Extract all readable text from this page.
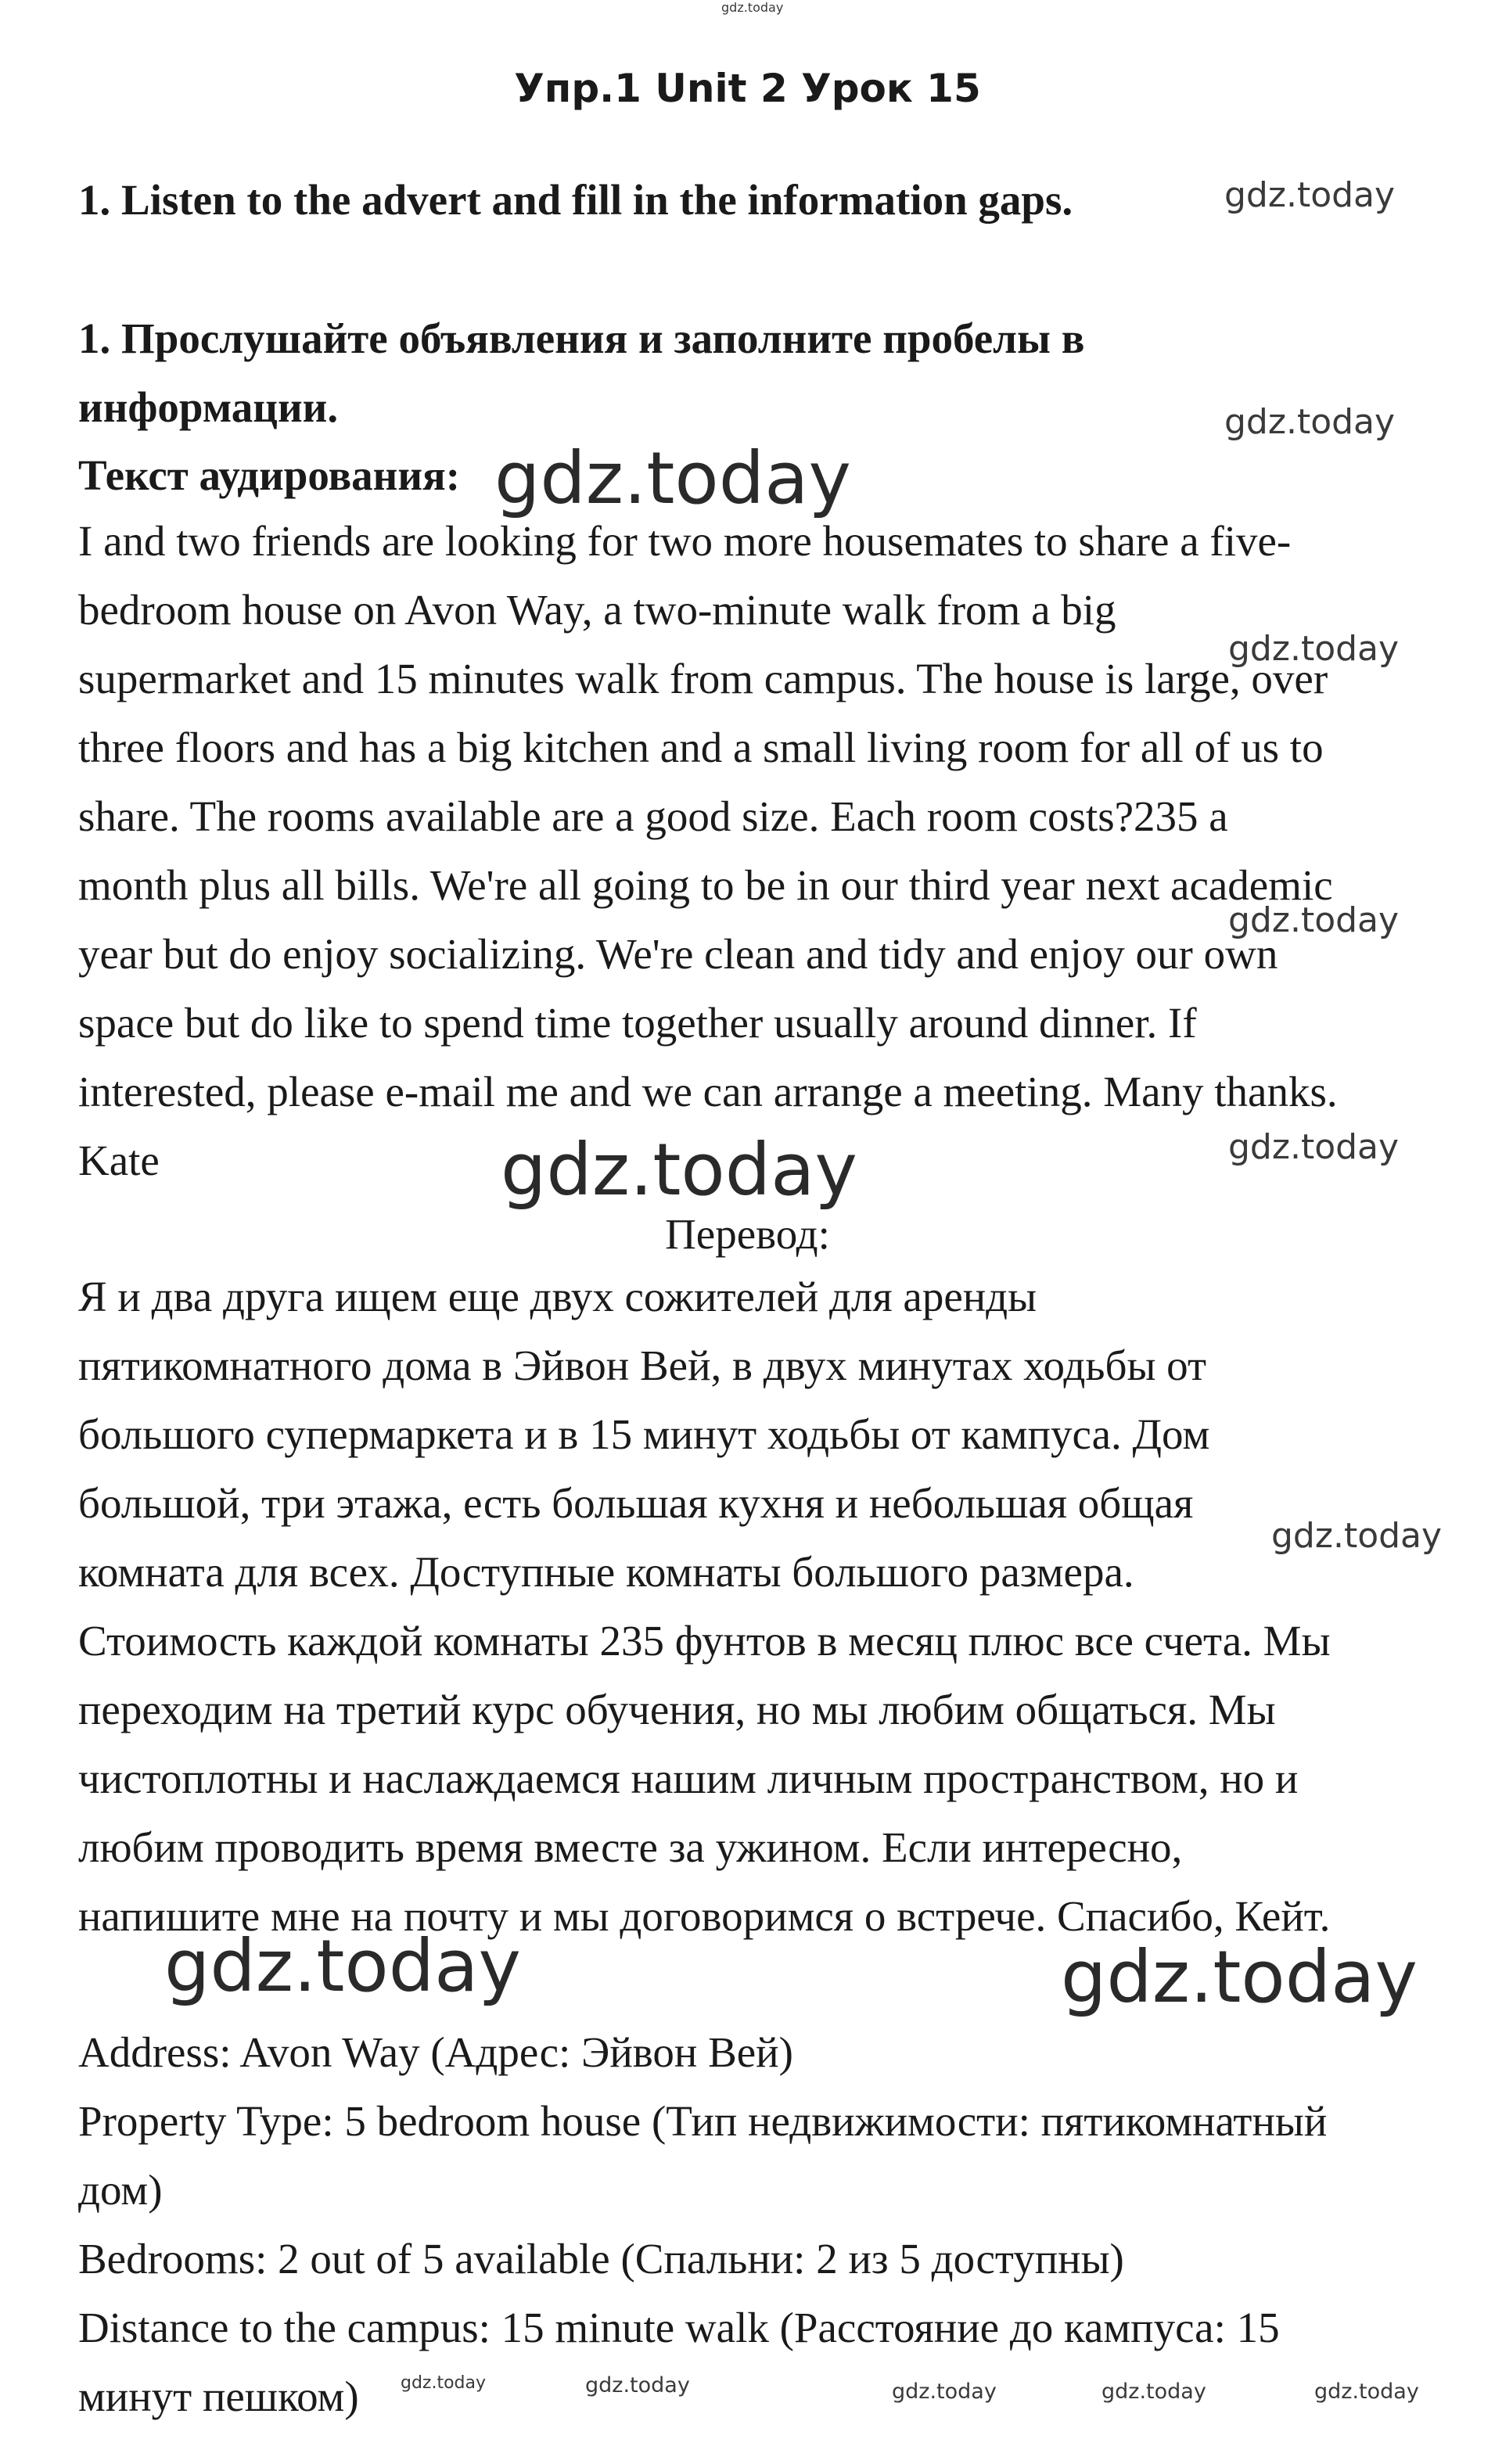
gdz.today
Упр.1 Unit 2 Урок 15
1. Listen to the advert and fill in the information gaps.	gdz.today
1. Прослушайте объявления и заполните пробелы в
информации.	gdz.today
Текст аудирования: gdz.today

I and two friends are looking for two more housemates to share a five-
bedroom house on Avon Way, a two-minute walk from a big
supermarket and 15 minutes walk from campus. The house is large, over
three floors and has a big kitchen and a small living room for all of us to
share. The rooms available are a good size. Each room costs?235 a
month plus all bills. We're all going to be in our third year next academic
year but do enjoy socializing. We're clean and tidy and enjoy our own
space but do like to spend time together usually around dinner. If
interested, please e-mail me and we can arrange a meeting. Many thanks.
Kate

gdz.today
gdz.today
gdz.today
gdz.today
Перевод:

Я и два друга ищем еще двух сожителей для аренды
пятикомнатного дома в Эйвон Вей, в двух минутах ходьбы от
большого супермаркета и в 15 минут ходьбы от кампуса. Дом
большой, три этажа, есть большая кухня и небольшая общая
комната для всех. Доступные комнаты большого размера.
Стоимость каждой комнаты 235 фунтов в месяц плюс все счета. Мы
переходим на третий курс обучения, но мы любим общаться. Мы
чистоплотны и наслаждаемся нашим личным пространством, но и
любим проводить время вместе за ужином. Если интересно,
напишите мне на почту и мы договоримся о встрече. Спасибо, Кейт.

gdz.today
gdz.today	gdz.today

Address: Avon Way (Адрес: Эйвон Вей)
Property Type: 5 bedroom house (Тип недвижимости: пятикомнатный
дом)
Bedrooms: 2 out of 5 available (Спальни: 2 из 5 доступны)
Distance to the campus: 15 minute walk (Расстояние до кампуса: 15
минут пешком)	gdz.today	gdz.today	gdz.today	gdz.today	gdz.today
